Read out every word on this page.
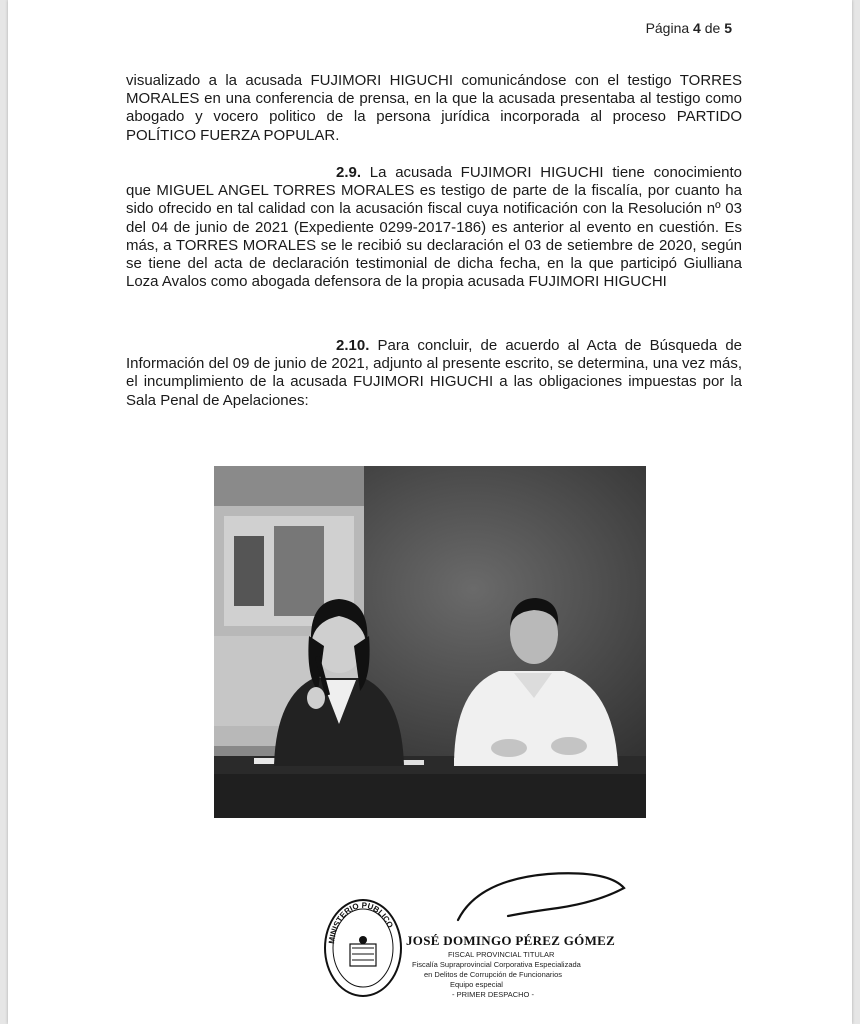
Página 4 de 5

visualizado a la acusada FUJIMORI HIGUCHI comunicándose con el testigo TORRES MORALES en una conferencia de prensa, en la que la acusada presentaba al testigo como abogado y vocero politico de la persona jurídica incorporada al proceso PARTIDO POLÍTICO FUERZA POPULAR.

2.9. La acusada FUJIMORI HIGUCHI tiene conocimiento que MIGUEL ANGEL TORRES MORALES es testigo de parte de la fiscalía, por cuanto ha sido ofrecido en tal calidad con la acusación fiscal cuya notificación con la Resolución nº 03 del 04 de junio de 2021 (Expediente 0299-2017-186) es anterior al evento en cuestión. Es más, a TORRES MORALES se le recibió su declaración el 03 de setiembre de 2020, según se tiene del acta de declaración testimonial de dicha fecha, en la que participó Giulliana Loza Avalos como abogada defensora de la propia acusada FUJIMORI HIGUCHI

2.10. Para concluir, de acuerdo al Acta de Búsqueda de Información del 09 de junio de 2021, adjunto al presente escrito, se determina, una vez más, el incumplimiento de la acusada FUJIMORI HIGUCHI a las obligaciones impuestas por la Sala Penal de Apelaciones:

MINISTERIO PUBLICO
JOSÉ DOMINGO PÉREZ GÓMEZ
FISCAL PROVINCIAL TITULAR
Fiscalía Supraprovincial Corporativa Especializada
en Delitos de Corrupción de Funcionarios
Equipo especial
- PRIMER DESPACHO -
